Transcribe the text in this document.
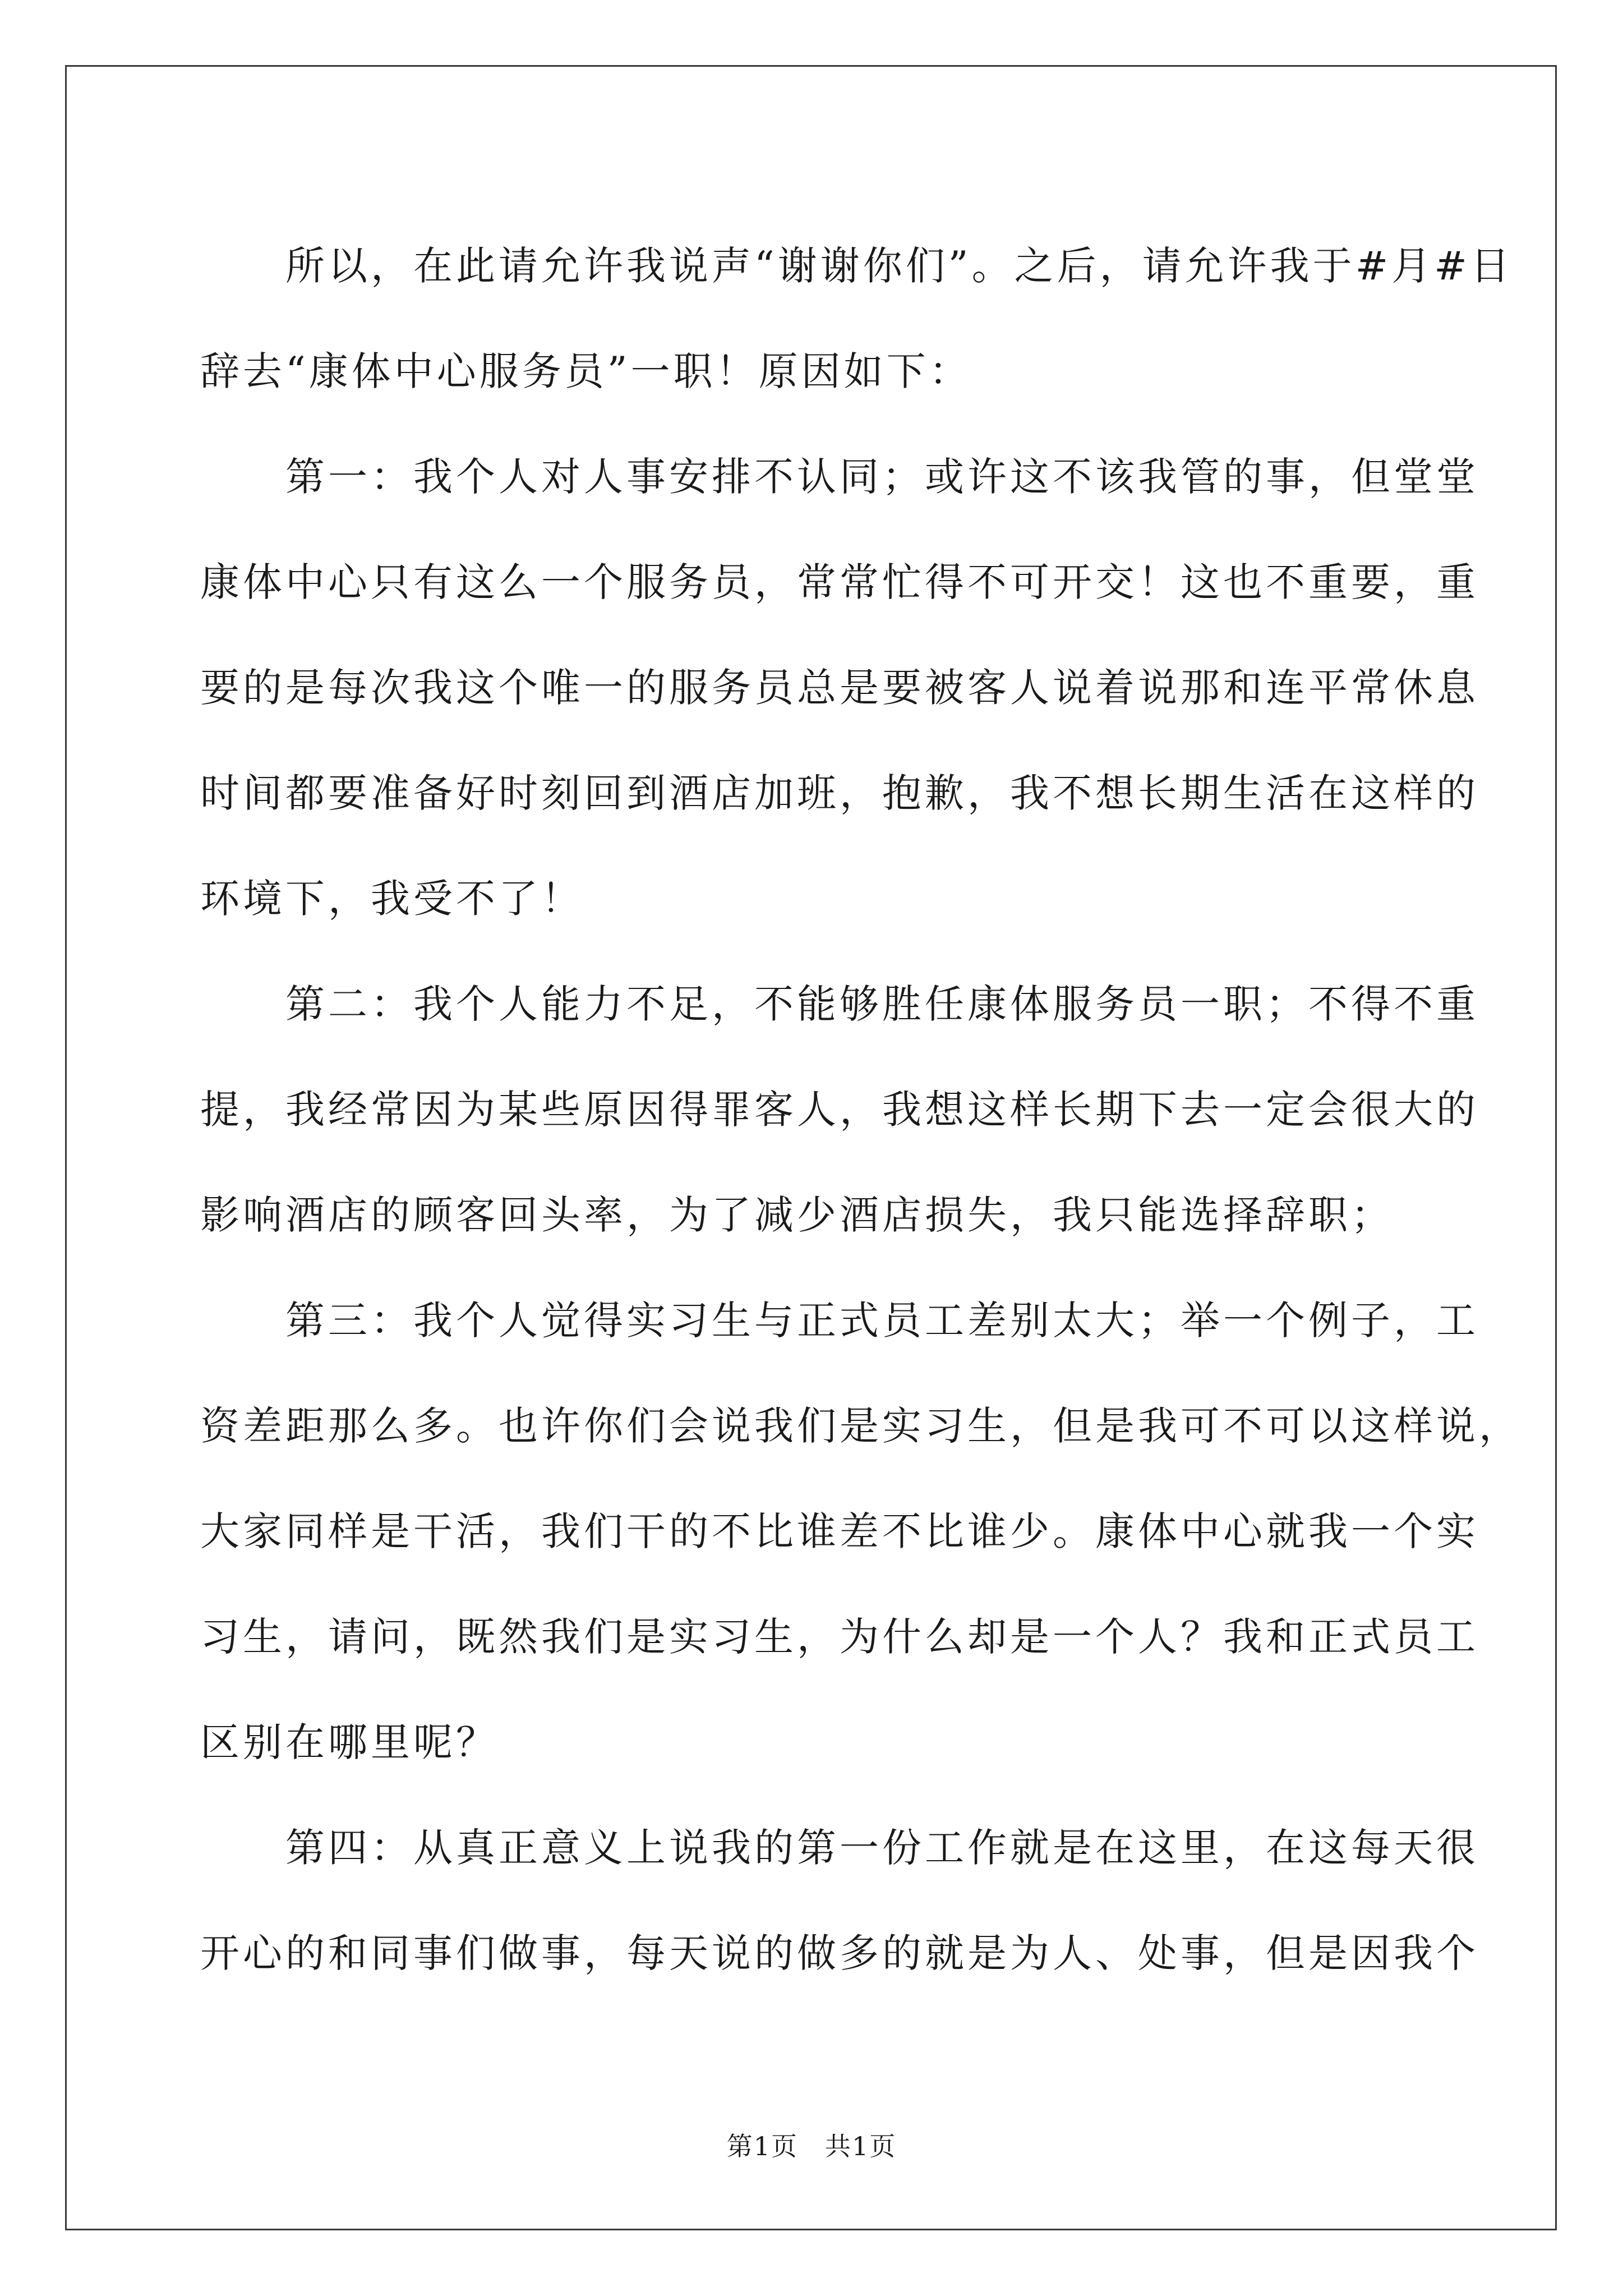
　　所以，在此请允许我说声“谢谢你们”。之后，请允许我于#月#日

辞去“康体中心服务员”一职！原因如下：

　　第一：我个人对人事安排不认同；或许这不该我管的事，但堂堂

康体中心只有这么一个服务员，常常忙得不可开交！这也不重要，重

要的是每次我这个唯一的服务员总是要被客人说着说那和连平常休息

时间都要准备好时刻回到酒店加班，抱歉，我不想长期生活在这样的

环境下，我受不了！

　　第二：我个人能力不足，不能够胜任康体服务员一职；不得不重

提，我经常因为某些原因得罪客人，我想这样长期下去一定会很大的

影响酒店的顾客回头率，为了减少酒店损失，我只能选择辞职；

　　第三：我个人觉得实习生与正式员工差别太大；举一个例子，工

资差距那么多。也许你们会说我们是实习生，但是我可不可以这样说，

大家同样是干活，我们干的不比谁差不比谁少。康体中心就我一个实

习生，请问，既然我们是实习生，为什么却是一个人？我和正式员工

区别在哪里呢？

　　第四：从真正意义上说我的第一份工作就是在这里，在这每天很

开心的和同事们做事，每天说的做多的就是为人、处事，但是因我个

第1页　共1页
